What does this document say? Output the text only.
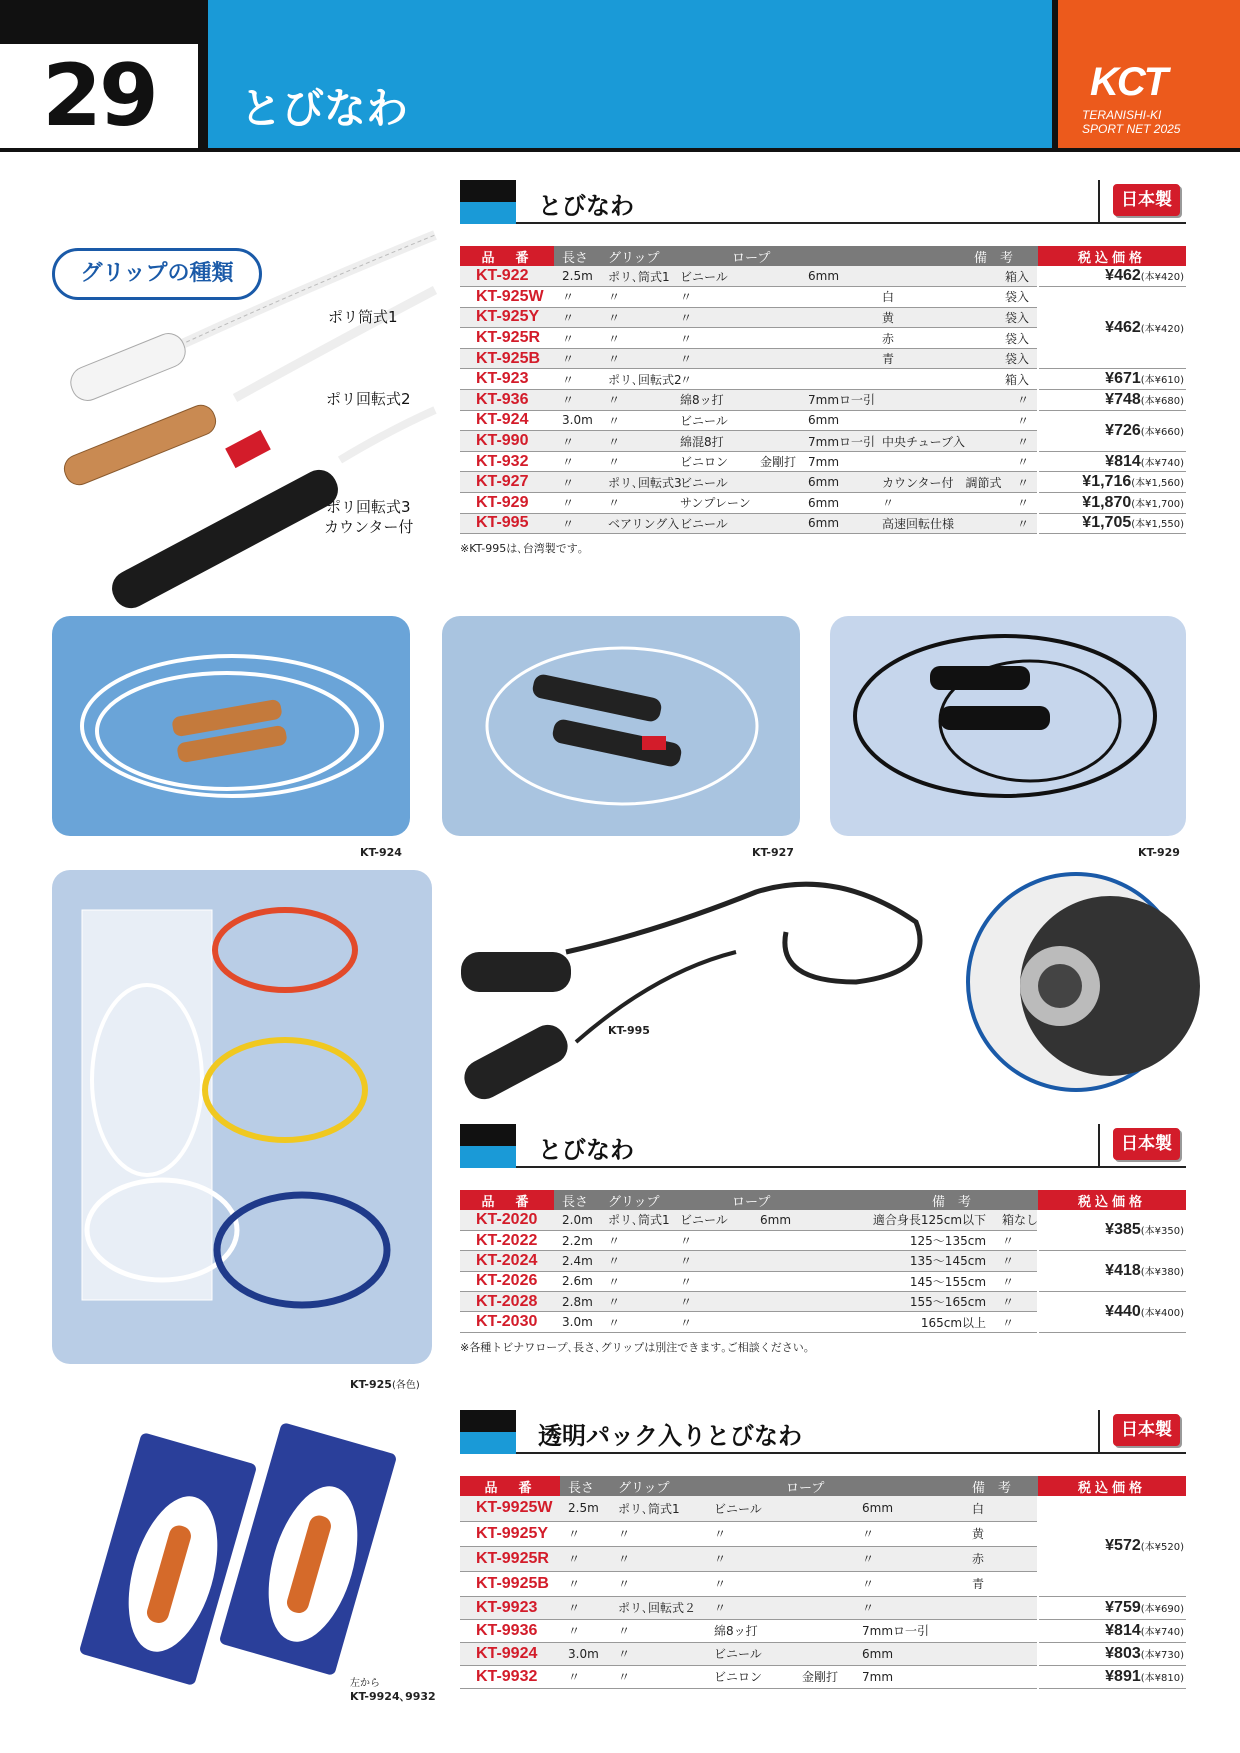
29	とびなわ
KCT
TERANISHI-KI
SPORT NET 2025
グリップの種類
ポリ筒式1
ポリ回転式2
ポリ回転式3
カウンター付
とびなわ	日本製
品　番	長さ	グリップ	ロープ			備　考		税込価格
KT-922	2.5m	ポリ､筒式1	ビニール		6mm		箱入	¥462(本¥420)
KT-925W	〃	〃	〃			白	袋入	¥462(本¥420)
KT-925Y	〃	〃	〃			黄	袋入	
KT-925R	〃	〃	〃			赤	袋入	
KT-925B	〃	〃	〃			青	袋入	
KT-923	〃	ポリ､回転式2	〃				箱入	¥671(本¥610)
KT-936	〃	〃	綿8ッ打		7mmロ一引		〃	¥748(本¥680)
KT-924	3.0m	〃	ビニール		6mm		〃	¥726(本¥660)
KT-990	〃	〃	綿混8打		7mmロ一引	中央チューブ入	〃	
KT-932	〃	〃	ビニロン	金剛打	7mm		〃	¥814(本¥740)
KT-927	〃	ポリ､回転式3	ビニール		6mm	カウンター付　調節式	〃	¥1,716(本¥1,560)
KT-929	〃	〃	サンプレーン		6mm	〃	〃	¥1,870(本¥1,700)
KT-995	〃	ベアリング入	ビニール		6mm	高速回転仕様	〃	¥1,705(本¥1,550)
※KT-995は､台湾製です｡
KT-924	KT-927	KT-929
KT-925(各色)
KT-995
とびなわ	日本製
品　番	長さ	グリップ	ロープ		備　考		税込価格
KT-2020	2.0m	ポリ､筒式1	ビニール	6mm	適合身長125cm以下	箱なし	¥385(本¥350)
KT-2022	2.2m	〃	〃		125～135cm	〃	
KT-2024	2.4m	〃	〃		135～145cm	〃	¥418(本¥380)
KT-2026	2.6m	〃	〃		145～155cm	〃	
KT-2028	2.8m	〃	〃		155～165cm	〃	¥440(本¥400)
KT-2030	3.0m	〃	〃		165cm以上	〃	
※各種トビナワロープ､長さ､グリップは別注できます｡ご相談ください｡
左から
KT-9924､9932
透明パック入りとびなわ	日本製
品　番	長さ	グリップ	ロープ			備　考	税込価格
KT-9925W	2.5m	ポリ､筒式1	ビニール		6mm	白	¥572(本¥520)
KT-9925Y	〃	〃	〃		〃	黄	
KT-9925R	〃	〃	〃		〃	赤	
KT-9925B	〃	〃	〃		〃	青	
KT-9923	〃	ポリ､回転式２	〃		〃		¥759(本¥690)
KT-9936	〃	〃	綿8ッ打		7mmロ一引		¥814(本¥740)
KT-9924	3.0m	〃	ビニール		6mm		¥803(本¥730)
KT-9932	〃	〃	ビニロン	金剛打	7mm		¥891(本¥810)
